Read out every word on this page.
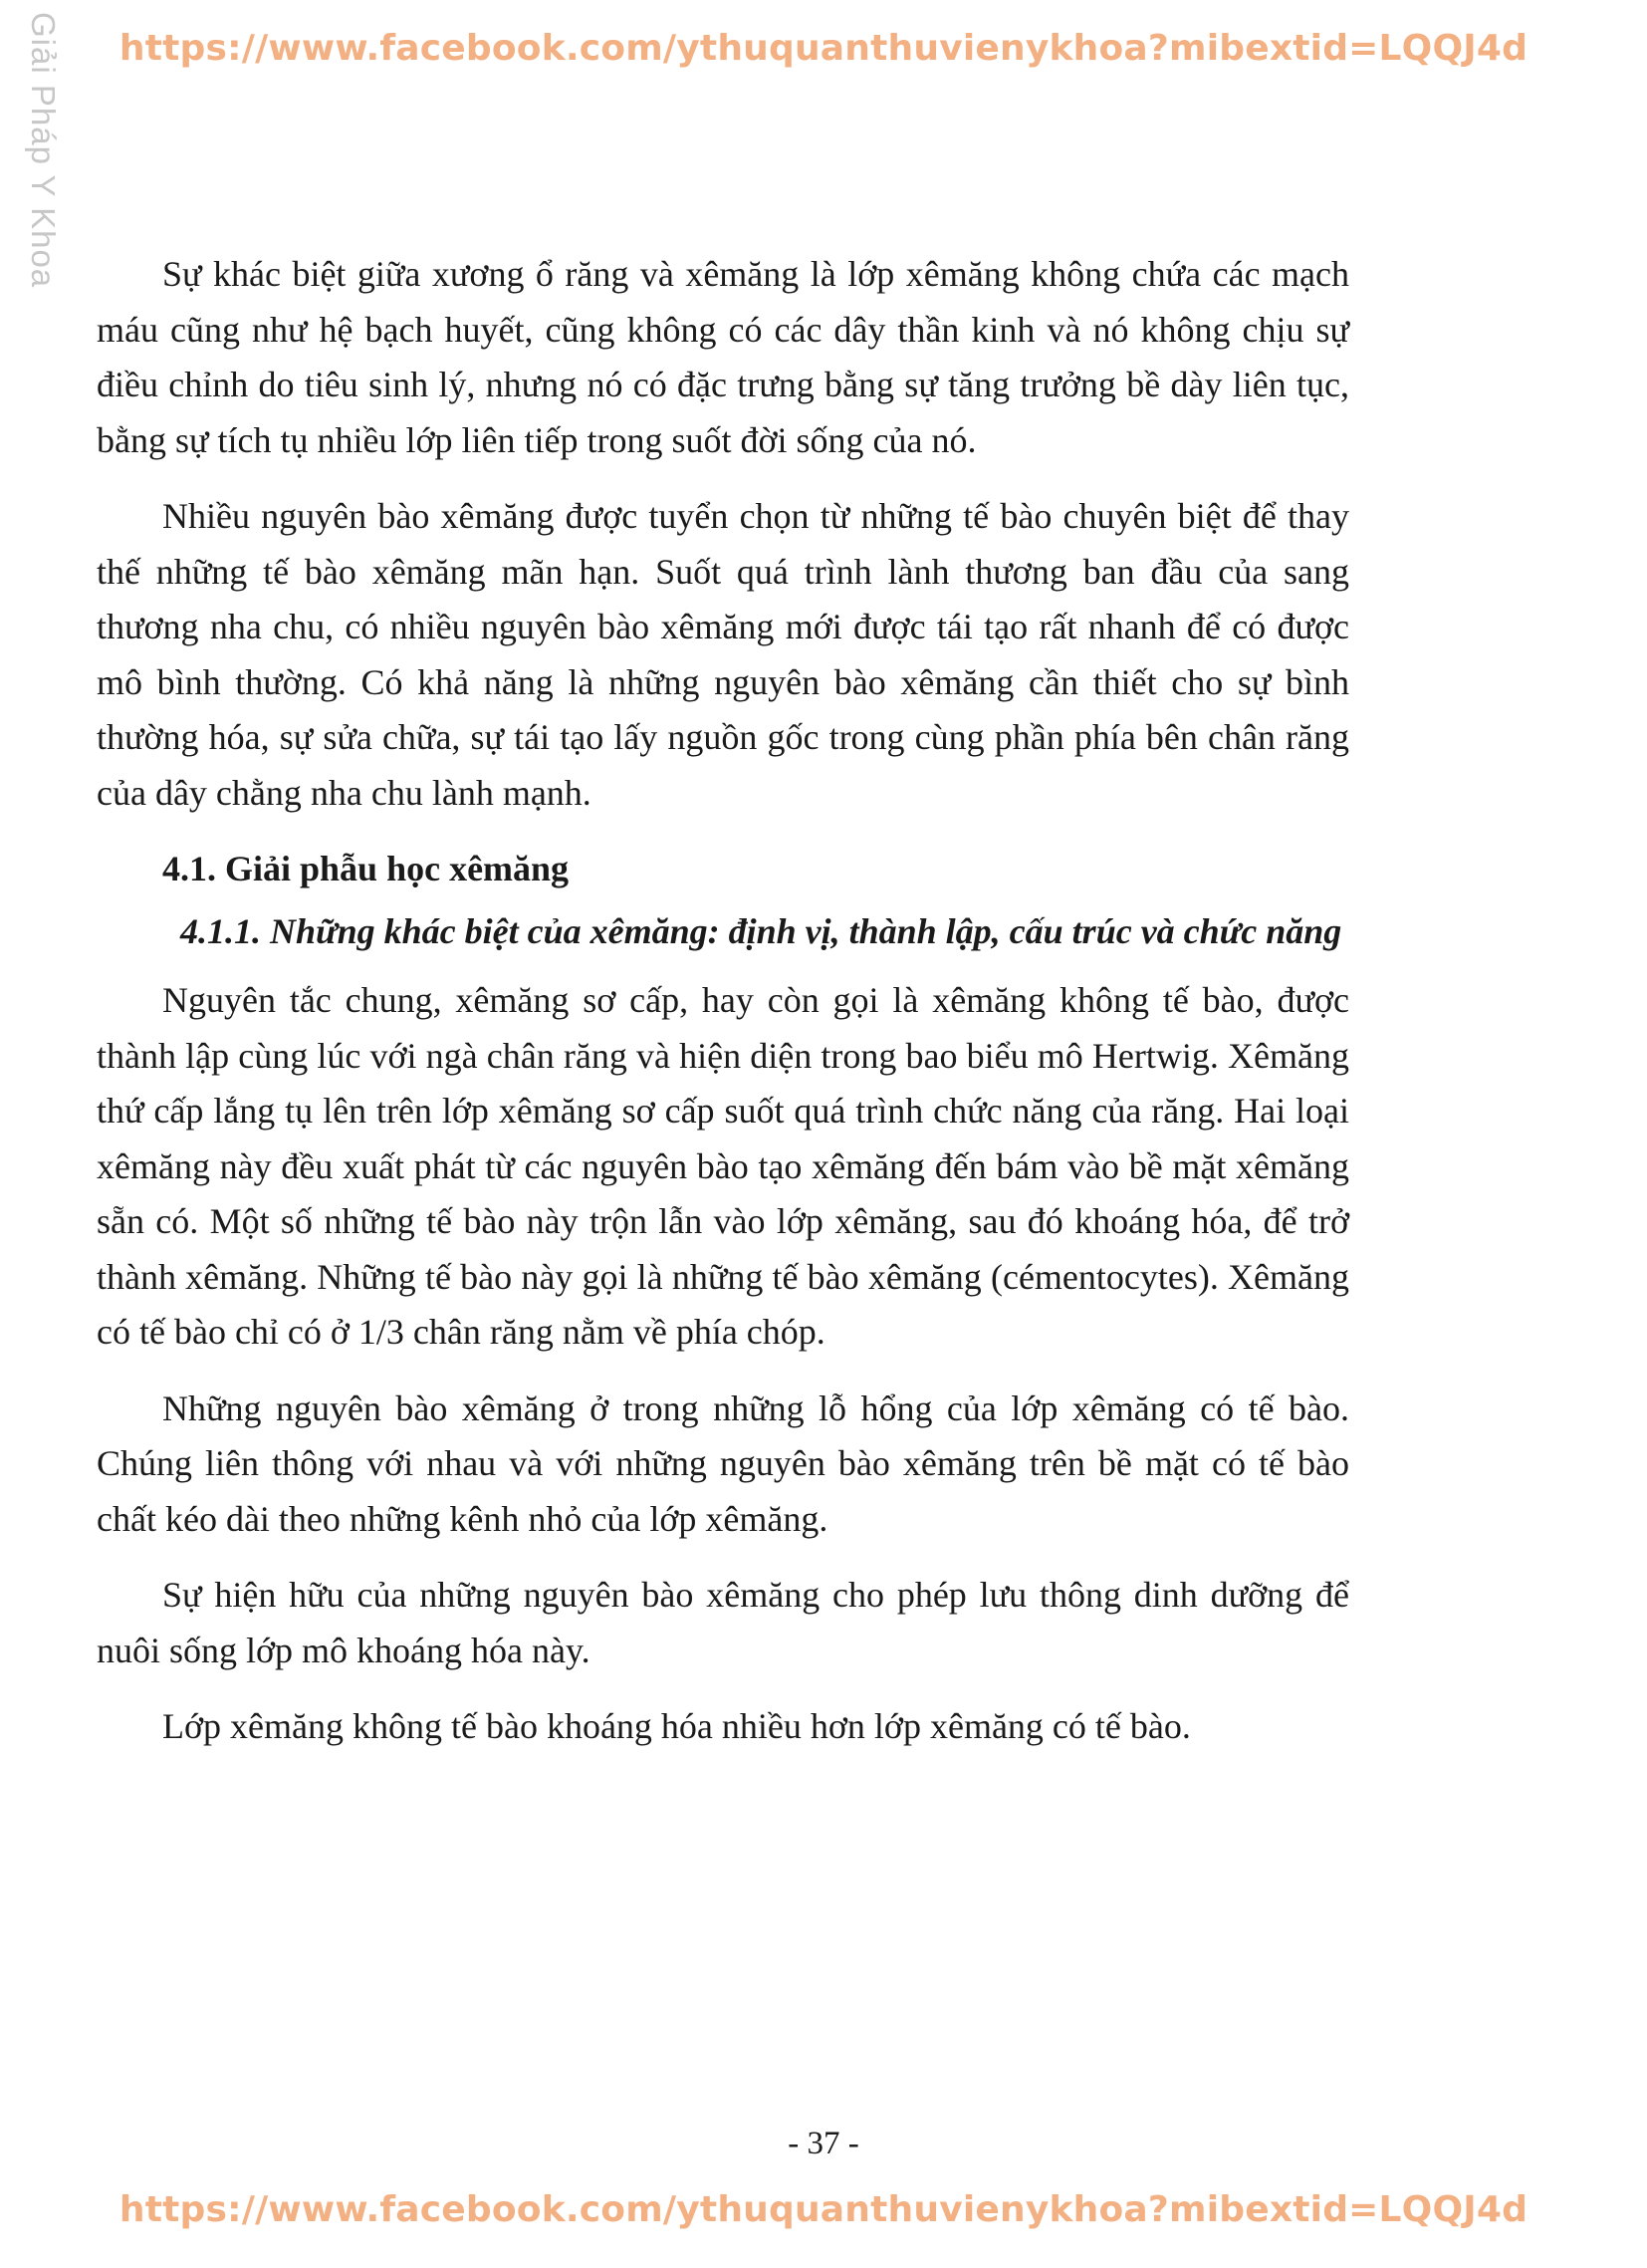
https://www.facebook.com/ythuquanthuvienykhoa?mibextid=LQQJ4d
Giải Pháp Y Khoa	Sự khác biệt giữa xương ổ răng và xêmăng là lớp xêmăng không chứa các mạch máu cũng như hệ bạch huyết, cũng không có các dây thần kinh và nó không chịu sự điều chỉnh do tiêu sinh lý, nhưng nó có đặc trưng bằng sự tăng trưởng bề dày liên tục, bằng sự tích tụ nhiều lớp liên tiếp trong suốt đời sống của nó.

Nhiều nguyên bào xêmăng được tuyển chọn từ những tế bào chuyên biệt để thay thế những tế bào xêmăng mãn hạn. Suốt quá trình lành thương ban đầu của sang thương nha chu, có nhiều nguyên bào xêmăng mới được tái tạo rất nhanh để có được mô bình thường. Có khả năng là những nguyên bào xêmăng cần thiết cho sự bình thường hóa, sự sửa chữa, sự tái tạo lấy nguồn gốc trong cùng phần phía bên chân răng của dây chằng nha chu lành mạnh.

4.1. Giải phẫu học xêmăng
4.1.1. Những khác biệt của xêmăng: định vị, thành lập, cấu trúc và chức năng

Nguyên tắc chung, xêmăng sơ cấp, hay còn gọi là xêmăng không tế bào, được thành lập cùng lúc với ngà chân răng và hiện diện trong bao biểu mô Hertwig. Xêmăng thứ cấp lắng tụ lên trên lớp xêmăng sơ cấp suốt quá trình chức năng của răng. Hai loại xêmăng này đều xuất phát từ các nguyên bào tạo xêmăng đến bám vào bề mặt xêmăng sẵn có. Một số những tế bào này trộn lẫn vào lớp xêmăng, sau đó khoáng hóa, để trở thành xêmăng. Những tế bào này gọi là những tế bào xêmăng (cémentocytes). Xêmăng có tế bào chỉ có ở 1/3 chân răng nằm về phía chóp.

Những nguyên bào xêmăng ở trong những lỗ hổng của lớp xêmăng có tế bào. Chúng liên thông với nhau và với những nguyên bào xêmăng trên bề mặt có tế bào chất kéo dài theo những kênh nhỏ của lớp xêmăng.

Sự hiện hữu của những nguyên bào xêmăng cho phép lưu thông dinh dưỡng để nuôi sống lớp mô khoáng hóa này.

Lớp xêmăng không tế bào khoáng hóa nhiều hơn lớp xêmăng có tế bào.

- 37 -
https://www.facebook.com/ythuquanthuvienykhoa?mibextid=LQQJ4d
